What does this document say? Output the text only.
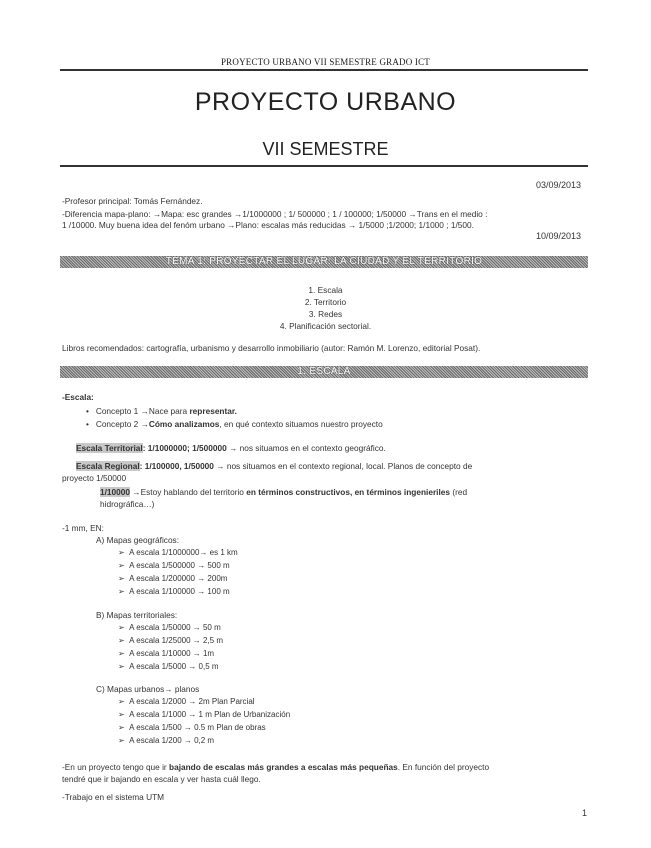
PROYECTO URBANO VII SEMESTRE GRADO ICT
PROYECTO URBANO
VII SEMESTRE
03/09/2013
-Profesor principal: Tomás Fernández.
-Diferencia mapa-plano: →Mapa: esc grandes →1/1000000 ; 1/ 500000 ; 1 / 100000; 1/50000 →Trans en el medio :
1 /10000. Muy buena idea del fenóm urbano →Plano: escalas más reducidas → 1/5000 ;1/2000; 1/1000 ; 1/500.
10/09/2013
TEMA 1: PROYECTAR EL LUGAR: LA CIUDAD Y EL TERRITORIO
1. Escala
2. Territorio
3. Redes
4. Planificación sectorial.
Libros recomendados: cartografía, urbanismo y desarrollo inmobiliario (autor: Ramón M. Lorenzo, editorial Posat).
1. ESCALA
-Escala:
•   Concepto 1 →Nace para representar.
•   Concepto 2 →Cómo analizamos, en qué contexto situamos nuestro proyecto
Escala Territorial: 1/1000000; 1/500000 → nos situamos en el contexto geográfico.
Escala Regional: 1/100000, 1/50000 → nos situamos en el contexto regional, local. Planos de concepto de
proyecto 1/50000
1/10000 →Estoy hablando del territorio en términos constructivos, en términos ingenieriles (red
hidrográfica…)
-1 mm, EN:
A) Mapas geográficos:
➢ A escala 1/1000000→ es 1 km
➢ A escala 1/500000 → 500 m
➢ A escala 1/200000 → 200m
➢ A escala 1/100000 → 100 m
B) Mapas territoriales:
➢ A escala 1/50000 → 50 m
➢ A escala 1/25000 → 2,5 m
➢ A escala 1/10000 → 1m
➢ A escala 1/5000 → 0,5 m
C) Mapas urbanos→ planos
➢ A escala 1/2000 → 2m Plan Parcial
➢ A escala 1/1000 → 1 m Plan de Urbanización
➢ A escala 1/500 → 0.5 m Plan de obras
➢ A escala 1/200 → 0,2 m
-En un proyecto tengo que ir bajando de escalas más grandes a escalas más pequeñas. En función del proyecto
tendré que ir bajando en escala y ver hasta cuál llego.
-Trabajo en el sistema UTM
1
